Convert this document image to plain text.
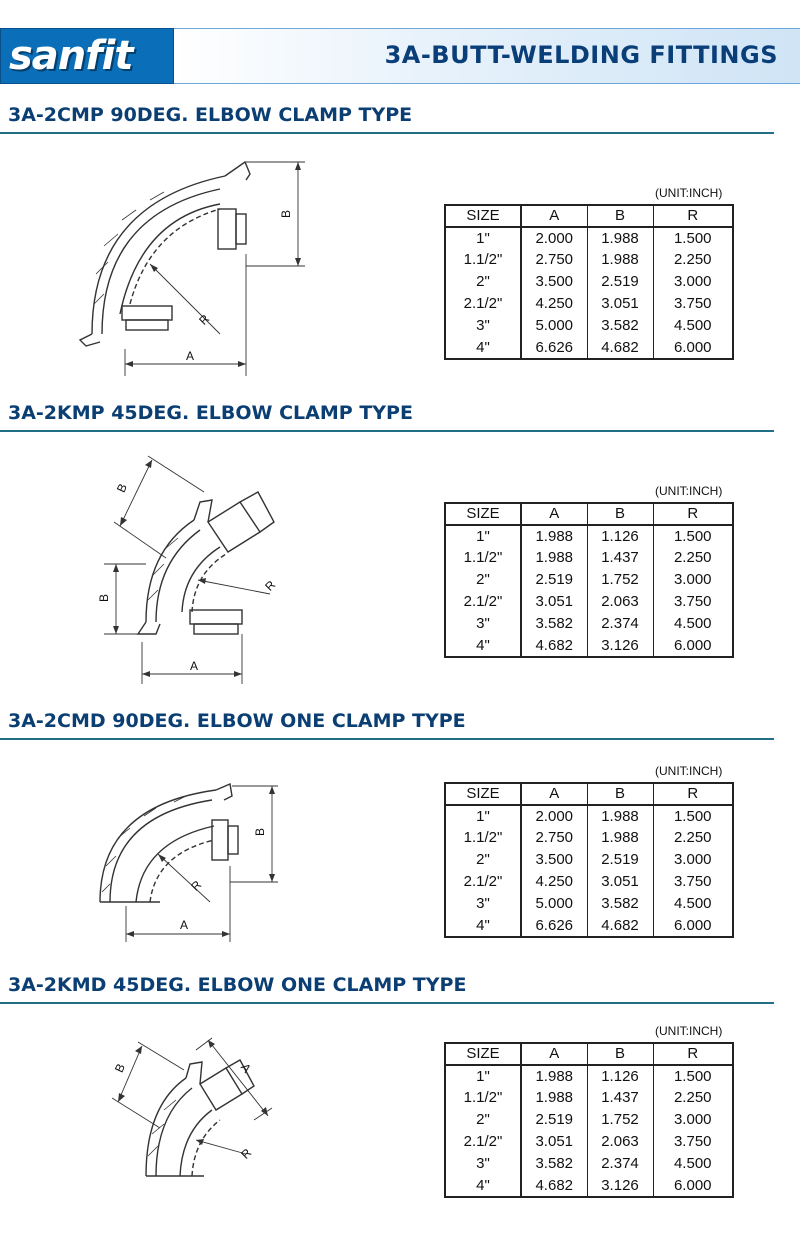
sanfit	3A-BUTT-WELDING FITTINGS
3A-2CMP 90DEG. ELBOW CLAMP TYPE
A
B
R
(UNIT:INCH)
SIZE	A	B	R
1"	2.000	1.988	1.500
1.1/2"	2.750	1.988	2.250
2"	3.500	2.519	3.000
2.1/2"	4.250	3.051	3.750
3"	5.000	3.582	4.500
4"	6.626	4.682	6.000
3A-2KMP 45DEG. ELBOW CLAMP TYPE
A
B
B
R
(UNIT:INCH)
SIZE	A	B	R
1"	1.988	1.126	1.500
1.1/2"	1.988	1.437	2.250
2"	2.519	1.752	3.000
2.1/2"	3.051	2.063	3.750
3"	3.582	2.374	4.500
4"	4.682	3.126	6.000
3A-2CMD 90DEG. ELBOW ONE CLAMP TYPE
A
B
R
(UNIT:INCH)
SIZE	A	B	R
1"	2.000	1.988	1.500
1.1/2"	2.750	1.988	2.250
2"	3.500	2.519	3.000
2.1/2"	4.250	3.051	3.750
3"	5.000	3.582	4.500
4"	6.626	4.682	6.000
3A-2KMD 45DEG. ELBOW ONE CLAMP TYPE
B	A
R
(UNIT:INCH)
SIZE	A	B	R
1"	1.988	1.126	1.500
1.1/2"	1.988	1.437	2.250
2"	2.519	1.752	3.000
2.1/2"	3.051	2.063	3.750
3"	3.582	2.374	4.500
4"	4.682	3.126	6.000
